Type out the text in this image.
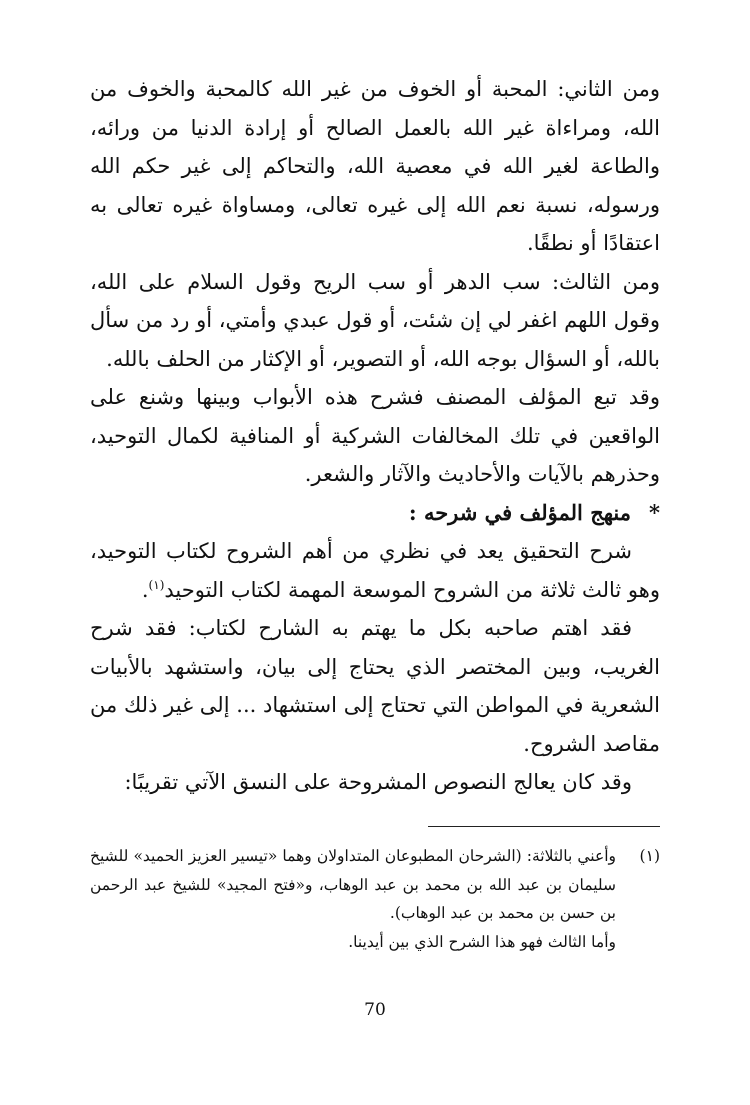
ومن الثاني: المحبة أو الخوف من غير الله كالمحبة والخوف من الله، ومراءاة غير الله بالعمل الصالح أو إرادة الدنيا من ورائه، والطاعة لغير الله في معصية الله، والتحاكم إلى غير حكم الله ورسوله، نسبة نعم الله إلى غيره تعالى، ومساواة غيره تعالى به اعتقادًا أو نطقًا.

ومن الثالث: سب الدهر أو سب الريح وقول السلام على الله، وقول اللهم اغفر لي إن شئت، أو قول عبدي وأمتي، أو رد من سأل بالله، أو السؤال بوجه الله، أو التصوير، أو الإكثار من الحلف بالله.

وقد تبع المؤلف المصنف فشرح هذه الأبواب وبينها وشنع على الواقعين في تلك المخالفات الشركية أو المنافية لكمال التوحيد، وحذرهم بالآيات والأحاديث والآثار والشعر.

*منهج المؤلف في شرحه :

شرح التحقيق يعد في نظري من أهم الشروح لكتاب التوحيد، وهو ثالث ثلاثة من الشروح الموسعة المهمة لكتاب التوحيد$^{(١)}$.

فقد اهتم صاحبه بكل ما يهتم به الشارح لكتاب: فقد شرح الغريب، وبين المختصر الذي يحتاج إلى بيان، واستشهد بالأبيات الشعرية في المواطن التي تحتاج إلى استشهاد ... إلى غير ذلك من مقاصد الشروح.

وقد كان يعالج النصوص المشروحة على النسق الآتي تقريبًا:

(١)

وأعني بالثلاثة: (الشرحان المطبوعان المتداولان وهما «تيسير العزيز الحميد» للشيخ سليمان بن عبد الله بن محمد بن عبد الوهاب، و«فتح المجيد» للشيخ عبد الرحمن بن حسن بن محمد بن عبد الوهاب).

وأما الثالث فهو هذا الشرح الذي بين أيدينا.

70
